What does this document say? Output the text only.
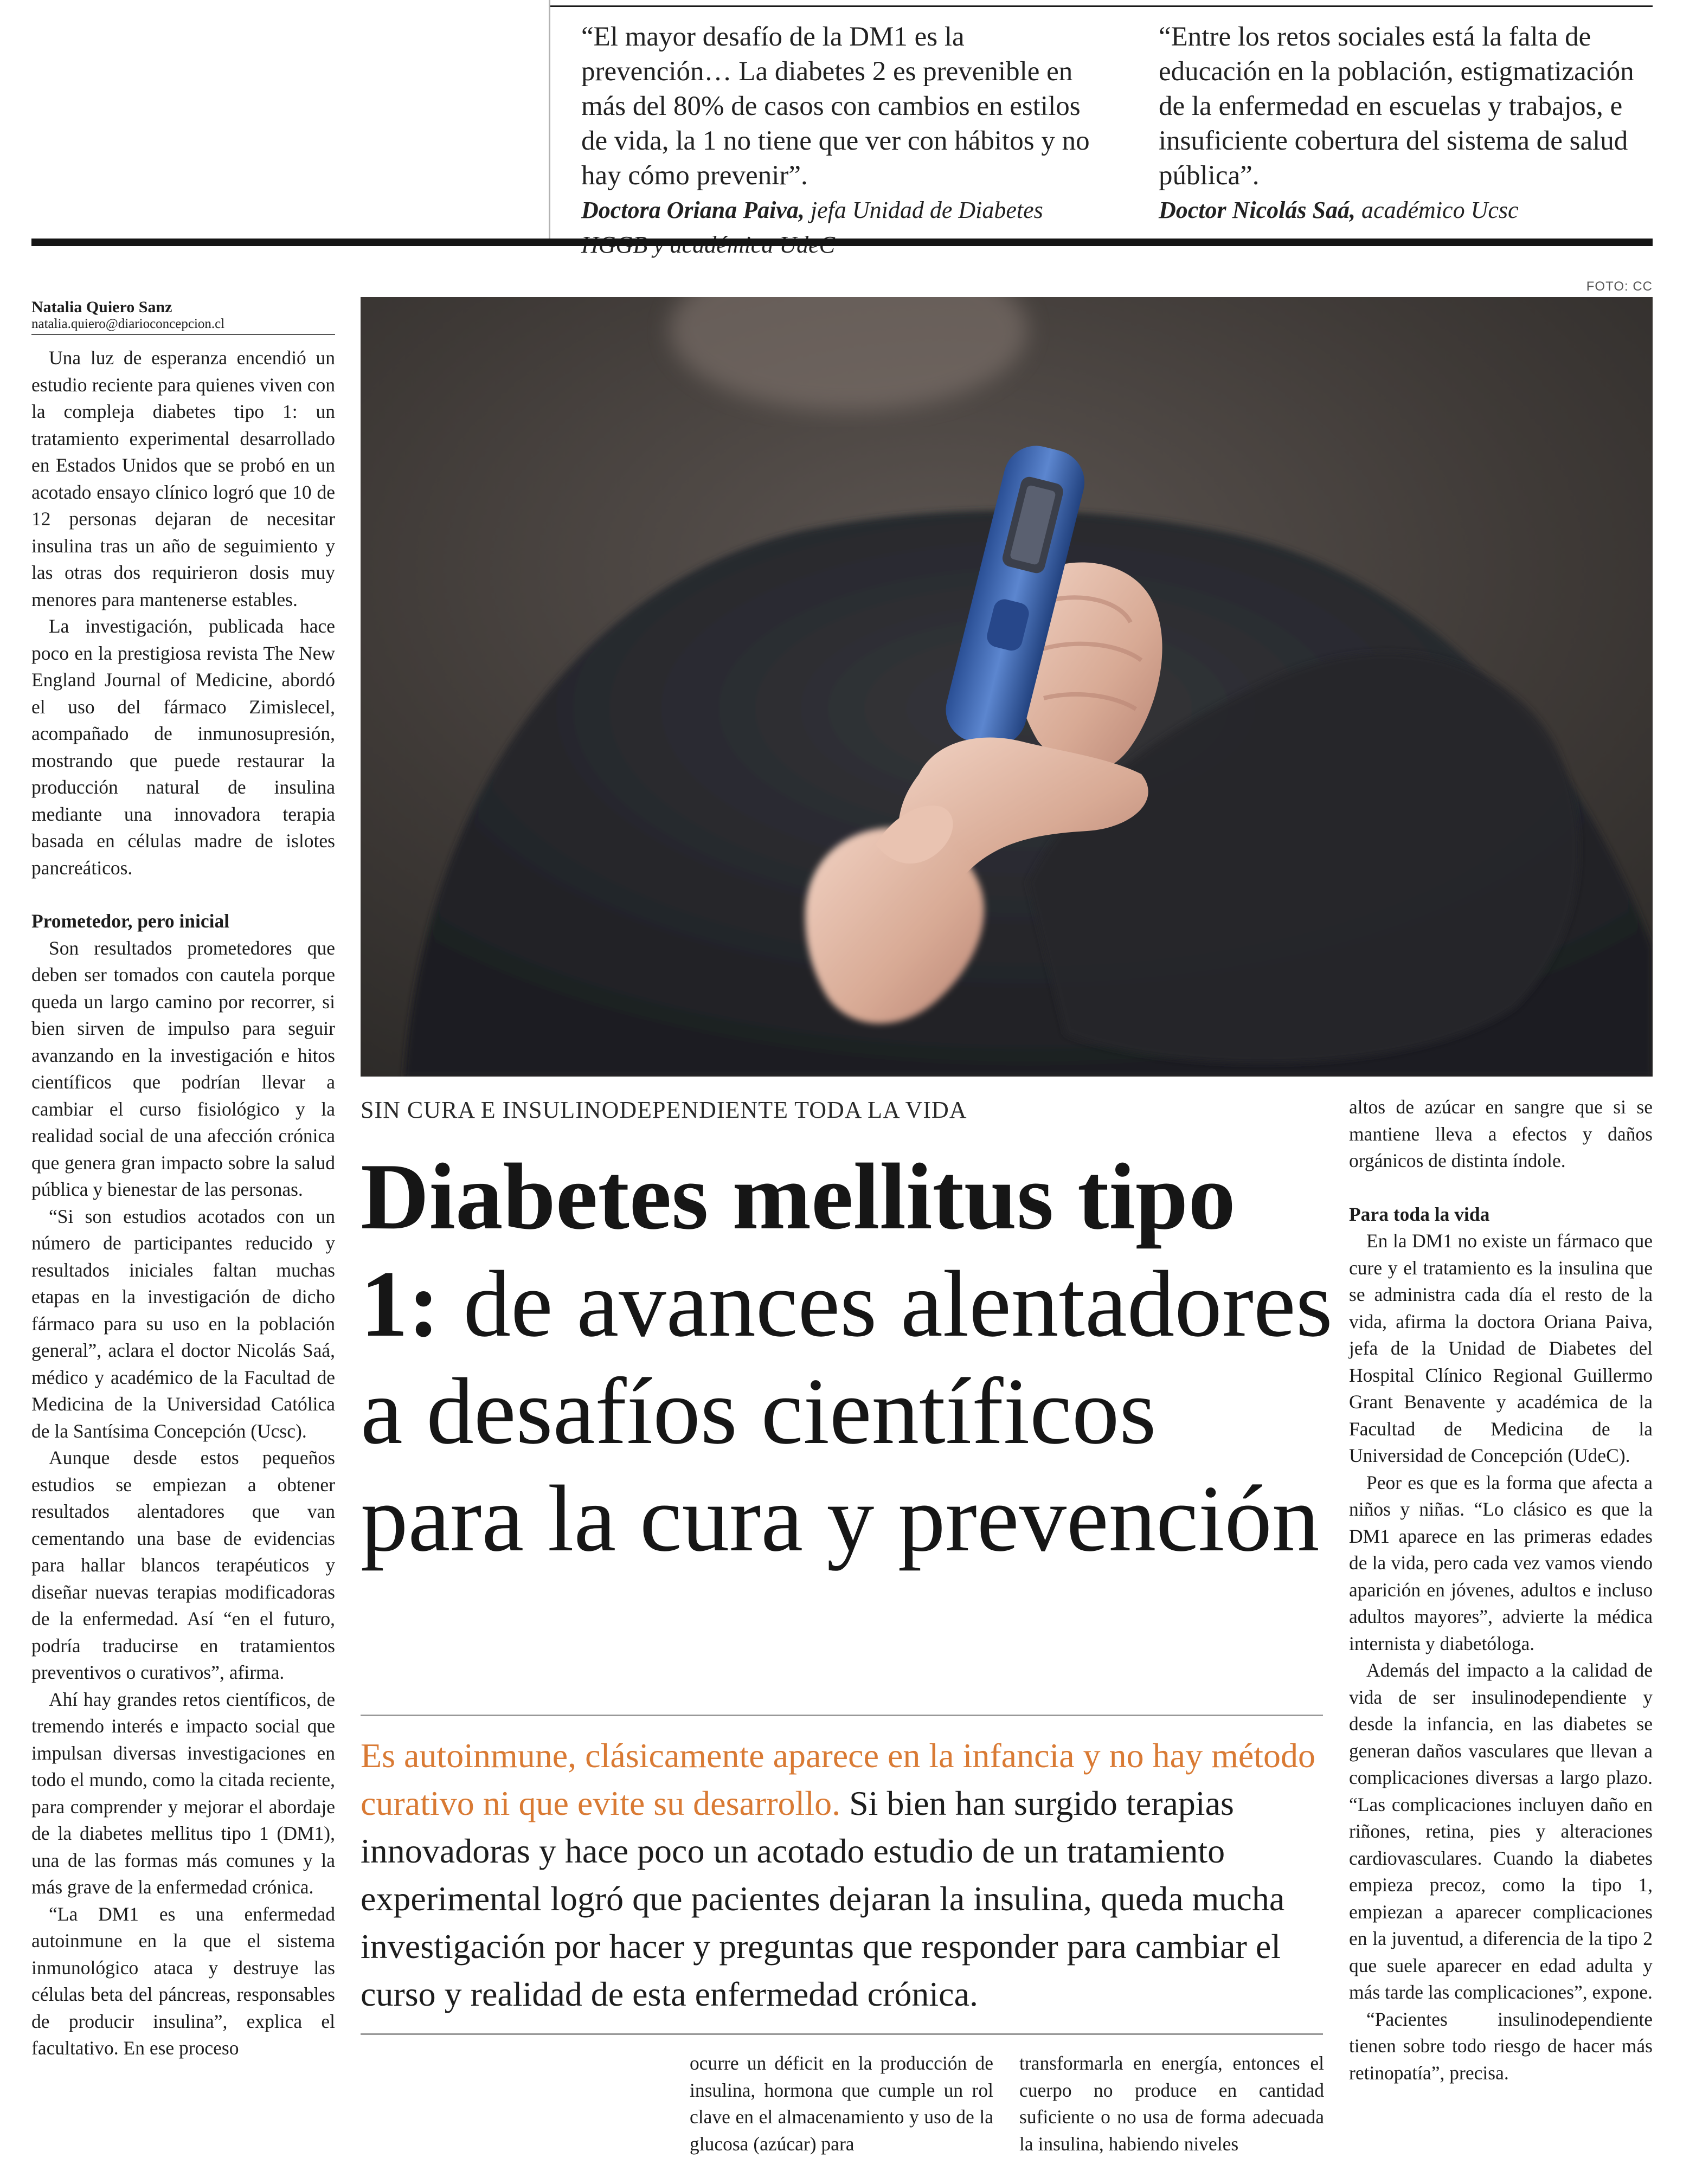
“El mayor desafío de la DM1 es la prevención… La diabetes 2 es prevenible en más del 80% de casos con cambios en estilos de vida, la 1 no tiene que ver con hábitos y no hay cómo prevenir”.
Doctora Oriana Paiva, jefa Unidad de Diabetes
“Entre los retos sociales está la falta de educación en la población, estigmatización de la enfermedad en escuelas y trabajos, e insuficiente cobertura del sistema de salud pública”.
Doctor Nicolás Saá, académico Ucsc
Natalia Quiero Sanz
natalia.quiero@diarioconcepcion.cl

Una luz de esperanza encendió un estudio reciente para quienes viven con la compleja diabetes tipo 1: un tratamiento experimental desarrollado en Estados Unidos que se probó en un acotado ensayo clínico logró que 10 de 12 personas dejaran de necesitar insulina tras un año de seguimiento y las otras dos requirieron dosis muy menores para mantenerse estables.

La investigación, publicada hace poco en la prestigiosa revista The New England Journal of Medicine, abordó el uso del fármaco Zimislecel, acompañado de inmunosupresión, mostrando que puede restaurar la producción natural de insulina mediante una innovadora terapia basada en células madre de islotes pancreáticos.

Prometedor, pero inicial

Son resultados prometedores que deben ser tomados con cautela porque queda un largo camino por recorrer, si bien sirven de impulso para seguir avanzando en la investigación e hitos científicos que podrían llevar a cambiar el curso fisiológico y la realidad social de una afección crónica que genera gran impacto sobre la salud pública y bienestar de las personas.

“Si son estudios acotados con un número de participantes reducido y resultados iniciales faltan muchas etapas en la investigación de dicho fármaco para su uso en la población general”, aclara el doctor Nicolás Saá, médico y académico de la Facultad de Medicina de la Universidad Católica de la Santísima Concepción (Ucsc).

Aunque desde estos pequeños estudios se empiezan a obtener resultados alentadores que van cementando una base de evidencias para hallar blancos terapéuticos y diseñar nuevas terapias modificadoras de la enfermedad. Así “en el futuro, podría traducirse en tratamientos preventivos o curativos”, afirma.

Ahí hay grandes retos científicos, de tremendo interés e impacto social que impulsan diversas investigaciones en todo el mundo, como la citada reciente, para comprender y mejorar el abordaje de la diabetes mellitus tipo 1 (DM1), una de las formas más comunes y la más grave de la enfermedad crónica.

“La DM1 es una enfermedad autoinmune en la que el sistema inmunológico ataca y destruye las células beta del páncreas, responsables de producir insulina”, explica el facultativo. En ese proceso

FOTO: CC
SIN CURA E INSULINODEPENDIENTE TODA LA VIDA
Diabetes mellitus tipo 1: de avances alentadores a desafíos científicos para la cura y prevención
Es autoinmune, clásicamente aparece en la infancia y no hay método curativo ni que evite su desarrollo. Si bien han surgido terapias innovadoras y hace poco un acotado estudio de un tratamiento experimental logró que pacientes dejaran la insulina, queda mucha investigación por hacer y preguntas que responder para cambiar el curso y realidad de esta enfermedad crónica.

ocurre un déficit en la producción de insulina, hormona que cumple un rol clave en el almacenamiento y uso de la glucosa (azúcar) para

transformarla en energía, entonces el cuerpo no produce en cantidad suficiente o no usa de forma adecuada la insulina, habiendo niveles

altos de azúcar en sangre que si se mantiene lleva a efectos y daños orgánicos de distinta índole.

Para toda la vida

En la DM1 no existe un fármaco que cure y el tratamiento es la insulina que se administra cada día el resto de la vida, afirma la doctora Oriana Paiva, jefa de la Unidad de Diabetes del Hospital Clínico Regional Guillermo Grant Benavente y académica de la Facultad de Medicina de la Universidad de Concepción (UdeC).

Peor es que es la forma que afecta a niños y niñas. “Lo clásico es que la DM1 aparece en las primeras edades de la vida, pero cada vez vamos viendo aparición en jóvenes, adultos e incluso adultos mayores”, advierte la médica internista y diabetóloga.

Además del impacto a la calidad de vida de ser insulinodependiente y desde la infancia, en las diabetes se generan daños vasculares que llevan a complicaciones diversas a largo plazo. “Las complicaciones incluyen daño en riñones, retina, pies y alteraciones cardiovasculares. Cuando la diabetes empieza precoz, como la tipo 1, empiezan a aparecer complicaciones en la juventud, a diferencia de la tipo 2 que suele aparecer en edad adulta y más tarde las complicaciones”, expone.

“Pacientes insulinodependiente tienen sobre todo riesgo de hacer más retinopatía”, precisa.
